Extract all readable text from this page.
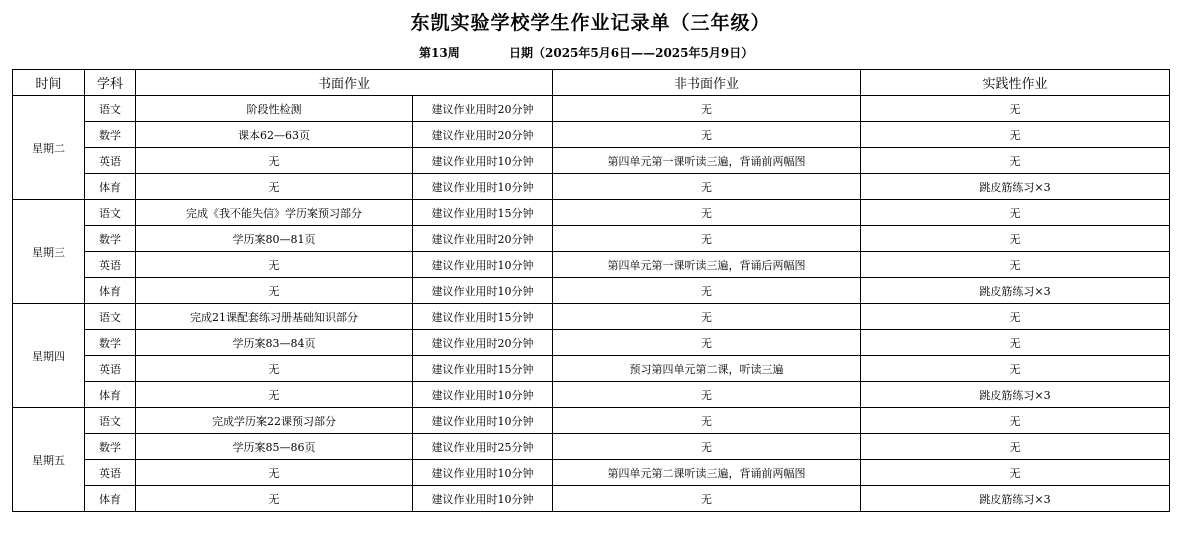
东凯实验学校学生作业记录单（三年级）
第13周	日期（2025年5月6日——2025年5月9日）
时间	学科	书面作业		非书面作业	实践性作业
星期二	语文	阶段性检测	建议作业用时20分钟	无	无
	数学	课本62—63页	建议作业用时20分钟	无	无
	英语	无	建议作业用时10分钟	第四单元第一课听读三遍，背诵前两幅图	无
	体育	无	建议作业用时10分钟	无	跳皮筋练习×3
星期三	语文	完成《我不能失信》学历案预习部分	建议作业用时15分钟	无	无
	数学	学历案80—81页	建议作业用时20分钟	无	无
	英语	无	建议作业用时10分钟	第四单元第一课听读三遍，背诵后两幅图	无
	体育	无	建议作业用时10分钟	无	跳皮筋练习×3
星期四	语文	完成21课配套练习册基础知识部分	建议作业用时15分钟	无	无
	数学	学历案83—84页	建议作业用时20分钟	无	无
	英语	无	建议作业用时15分钟	预习第四单元第二课，听读三遍	无
	体育	无	建议作业用时10分钟	无	跳皮筋练习×3
星期五	语文	完成学历案22课预习部分	建议作业用时10分钟	无	无
	数学	学历案85—86页	建议作业用时25分钟	无	无
	英语	无	建议作业用时10分钟	第四单元第二课听读三遍，背诵前两幅图	无
	体育	无	建议作业用时10分钟	无	跳皮筋练习×3
